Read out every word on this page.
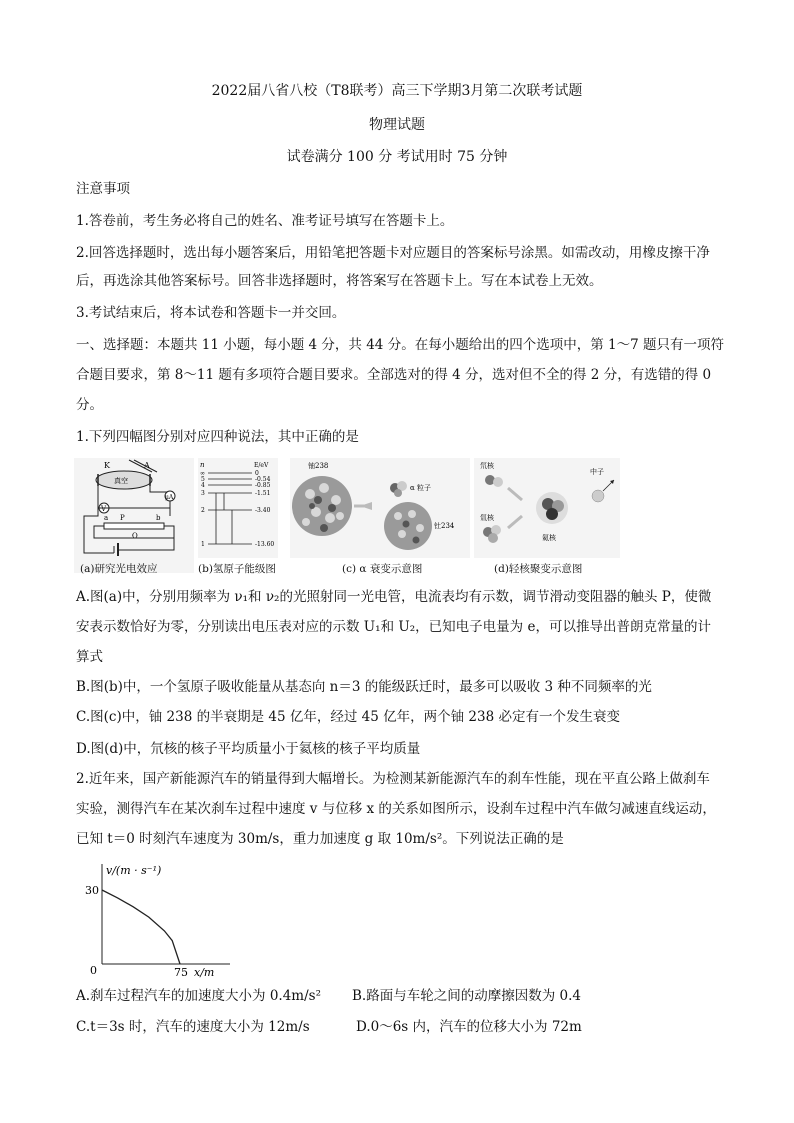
2022届八省八校（T8联考）高三下学期3月第二次联考试题
物理试题
试卷满分 100 分 考试用时 75 分钟
注意事项
1.答卷前，考生务必将自己的姓名、准考证号填写在答题卡上。
2.回答选择题时，选出每小题答案后，用铅笔把答题卡对应题目的答案标号涂黑。如需改动，用橡皮擦干净
后，再选涂其他答案标号。回答非选择题时，将答案写在答题卡上。写在本试卷上无效。
3.考试结束后，将本试卷和答题卡一并交回。
一、选择题：本题共 11 小题，每小题 4 分，共 44 分。在每小题给出的四个选项中，第 1～7 题只有一项符
合题目要求，第 8～11 题有多项符合题目要求。全部选对的得 4 分，选对但不全的得 2 分，有选错的得 0
分。
1.下列四幅图分别对应四种说法，其中正确的是
K	A
真空
μA
V
a P	b
O
(a)研究光电效应
n	E/eV
∞	0
5	-0.54
4	-0.85
3	-1.51
2	-3.40
1	-13.60
(b)氢原子能级图
铀238
α 粒子
钍234
(c) α 衰变示意图
氘核
氚核
氦核
中子
(d)轻核聚变示意图
A.图(a)中，分别用频率为 ν₁和 ν₂的光照射同一光电管，电流表均有示数，调节滑动变阻器的触头 P，使微
安表示数恰好为零，分别读出电压表对应的示数 U₁和 U₂，已知电子电量为 e，可以推导出普朗克常量的计
算式
B.图(b)中，一个氢原子吸收能量从基态向 n＝3 的能级跃迁时，最多可以吸收 3 种不同频率的光
C.图(c)中，铀 238 的半衰期是 45 亿年，经过 45 亿年，两个铀 238 必定有一个发生衰变
D.图(d)中，氘核的核子平均质量小于氦核的核子平均质量
2.近年来，国产新能源汽车的销量得到大幅增长。为检测某新能源汽车的刹车性能，现在平直公路上做刹车
实验，测得汽车在某次刹车过程中速度 v 与位移 x 的关系如图所示，设刹车过程中汽车做匀减速直线运动，
已知 t＝0 时刻汽车速度为 30m/s，重力加速度 g 取 10m/s²。下列说法正确的是
v/(m · s⁻¹)
30
0	75 x/m
A.刹车过程汽车的加速度大小为 0.4m/s² B.路面与车轮之间的动摩擦因数为 0.4
C.t＝3s 时，汽车的速度大小为 12m/s	D.0～6s 内，汽车的位移大小为 72m
